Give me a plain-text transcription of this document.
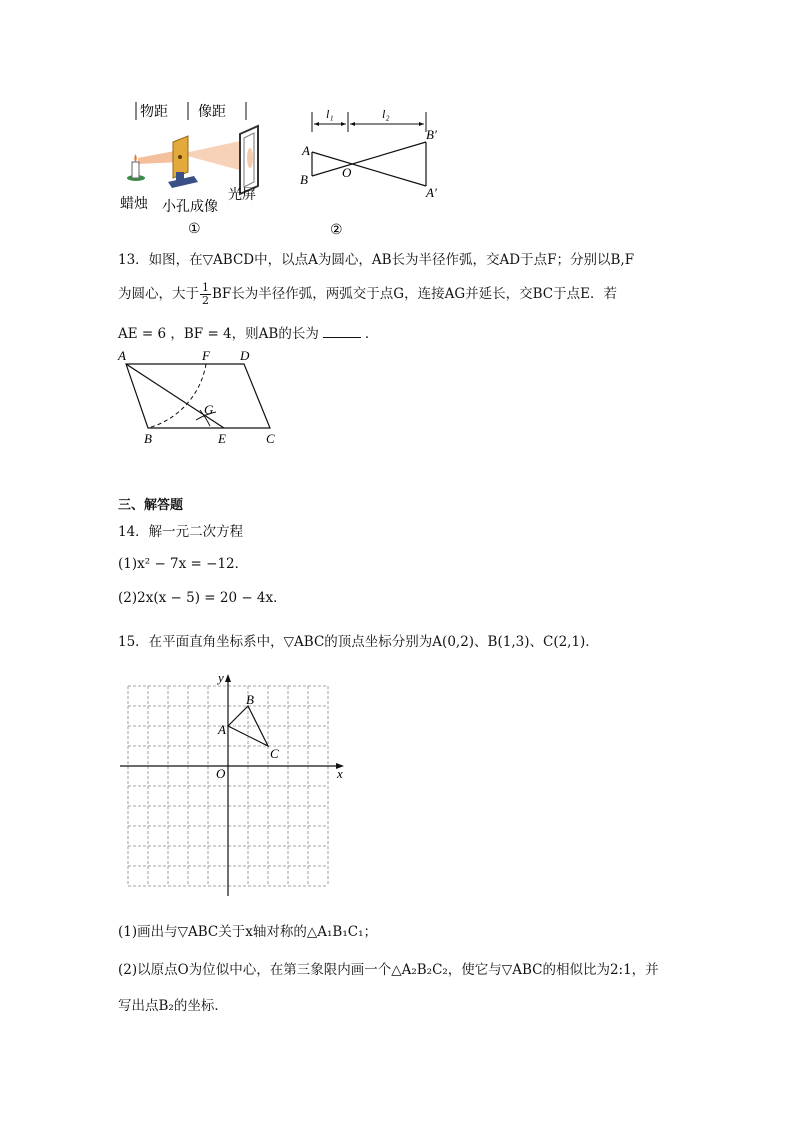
物距 像距
蜡烛 小孔成像
光屏
①
l₁	l₂
A
B	O
B′
A′
②
13．如图，在▽ABCD中，以点A为圆心，AB长为半径作弧，交AD于点F；分别以B,F
为圆心，大于 $\frac{1}{2}$ BF长为半径作弧，两弧交于点G，连接AG并延长，交BC于点E．若
AE = 6 ，BF = 4，则AB的长为	．
A	F D
G
B	E	C
三、解答题
14．解一元二次方程
(1)x² − 7x = −12．
(2)2x(x − 5) = 20 − 4x．
15．在平面直角坐标系中，▽ABC的顶点坐标分别为A(0,2)、B(1,3)、C(2,1)．
x
y
O
A
B
C
(1)画出与▽ABC关于x轴对称的△A₁B₁C₁；
(2)以原点O为位似中心，在第三象限内画一个△A₂B₂C₂，使它与▽ABC的相似比为2:1，并
写出点B₂的坐标．
